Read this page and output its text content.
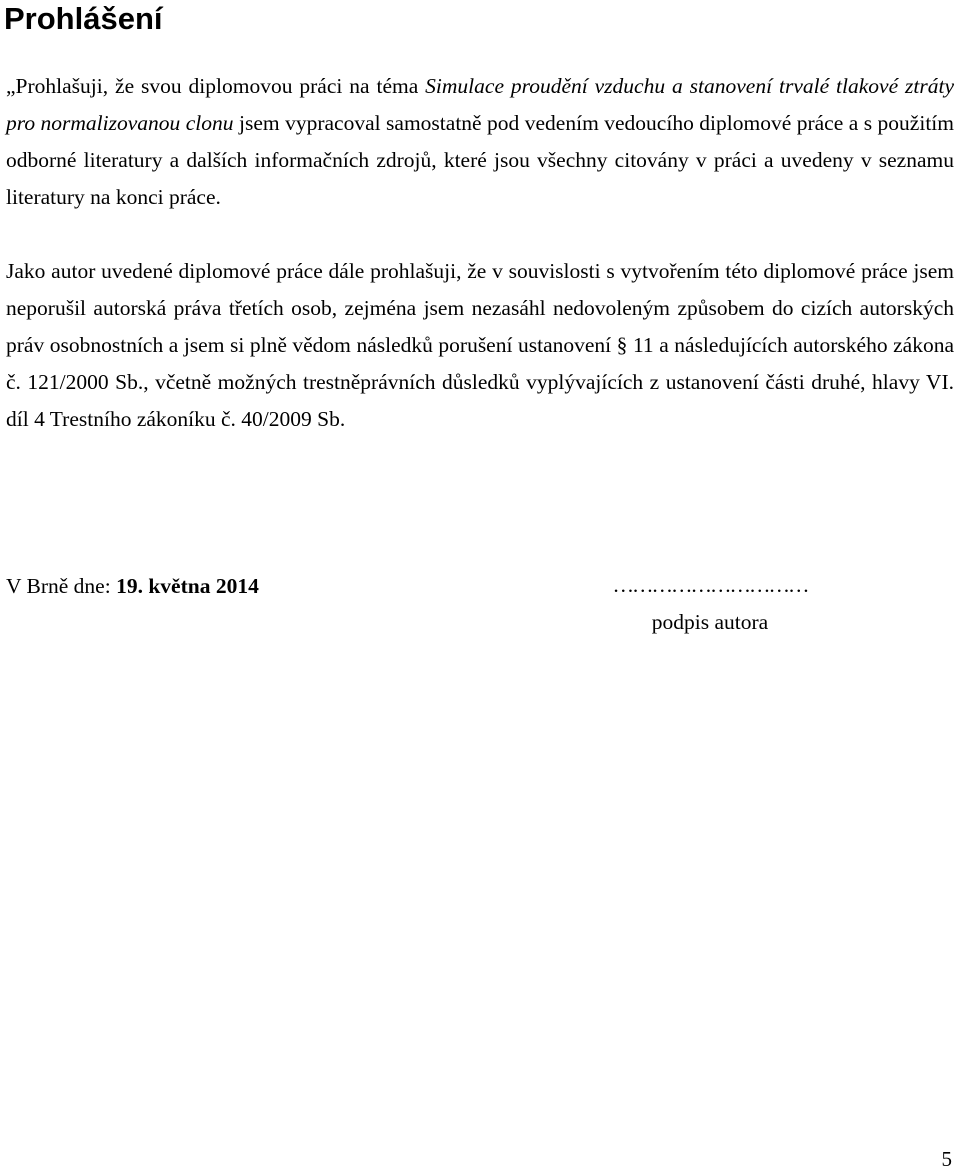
Prohlášení

„Prohlašuji, že svou diplomovou práci na téma Simulace proudění vzduchu a stanovení trvalé tlakové ztráty pro normalizovanou clonu jsem vypracoval samostatně pod vedením vedoucího diplomové práce a s použitím odborné literatury a dalších informačních zdrojů, které jsou všechny citovány v práci a uvedeny v seznamu literatury na konci práce.

Jako autor uvedené diplomové práce dále prohlašuji, že v souvislosti s vytvořením této diplomové práce jsem neporušil autorská práva třetích osob, zejména jsem nezasáhl nedovoleným způsobem do cizích autorských práv osobnostních a jsem si plně vědom následků porušení ustanovení § 11 a následujících autorského zákona č. 121/2000 Sb., včetně možných trestněprávních důsledků vyplývajících z ustanovení části druhé, hlavy VI. díl 4 Trestního zákoníku č. 40/2009 Sb.

V Brně dne: 19. května 2014	…………………………
podpis autora
5
